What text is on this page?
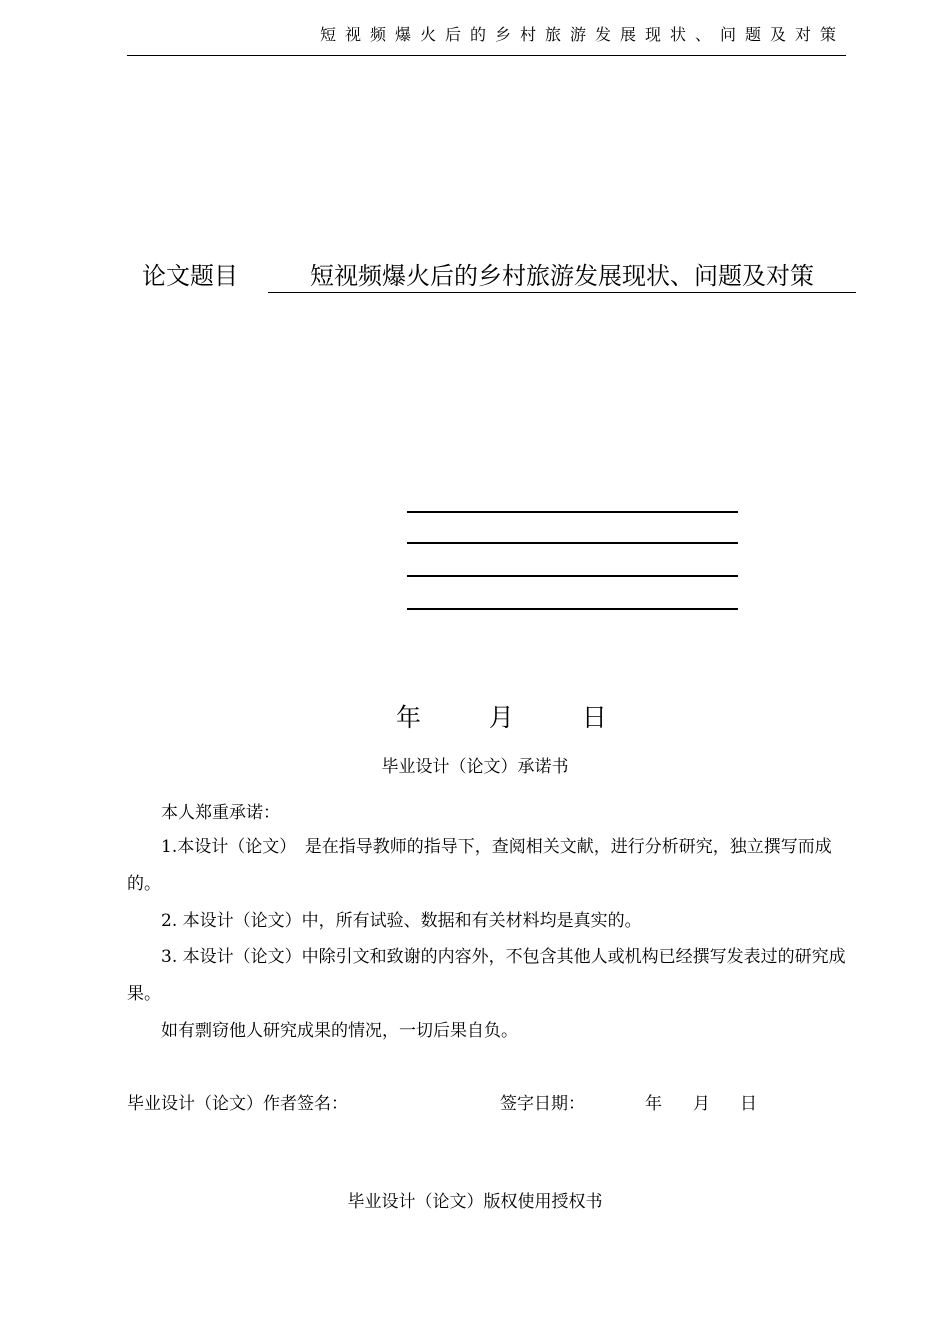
短视频爆火后的乡村旅游发展现状、问题及对策
论文题目	短视频爆火后的乡村旅游发展现状、问题及对策
年	月	日
毕业设计（论文）承诺书
本人郑重承诺：
1.本设计（论文）　是在指导教师的指导下，查阅相关文献，进行分析研究，独立撰写而成的。
2. 本设计（论文）中，所有试验、数据和有关材料均是真实的。
3. 本设计（论文）中除引文和致谢的内容外，不包含其他人或机构已经撰写发表过的研究成果。
如有剽窃他人研究成果的情况，一切后果自负。
毕业设计（论文）作者签名：	签字日期：	年 月 日
毕业设计（论文）版权使用授权书
